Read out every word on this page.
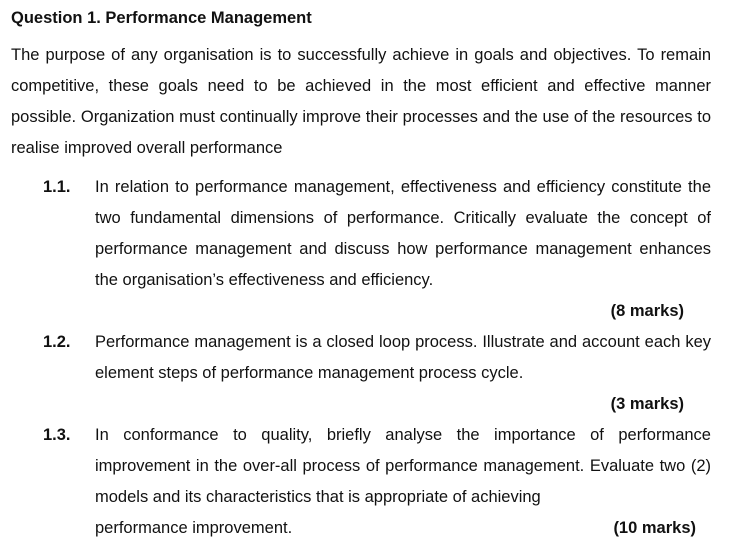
Question 1. Performance Management

The purpose of any organisation is to successfully achieve in goals and objectives. To remain competitive, these goals need to be achieved in the most efficient and effective manner possible. Organization must continually improve their processes and the use of the resources to realise improved overall performance

1.1. In relation to performance management, effectiveness and efficiency constitute the two fundamental dimensions of performance. Critically evaluate the concept of performance management and discuss how performance management enhances the organisation’s effectiveness and efficiency.

(8 marks)
1.2. Performance management is a closed loop process. Illustrate and account each key element steps of performance management process cycle.

(3 marks)
1.3. In conformance to quality, briefly analyse the importance of performance improvement in the over-all process of performance management. Evaluate two (2) models and its characteristics that is appropriate of achieving

performance improvement.	(10 marks)
